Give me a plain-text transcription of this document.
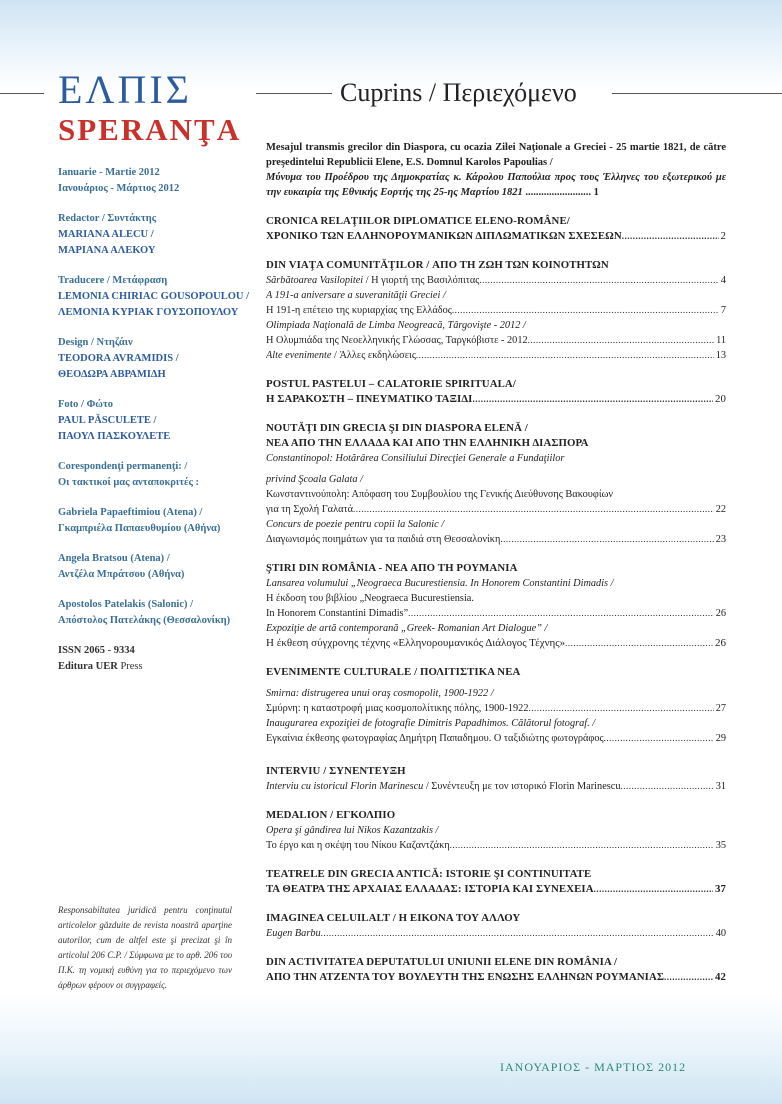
ΕΛΠΙΣ
SPERANŢA
Cuprins / Περιεχόμενο
Ianuarie - Martie 2012
Ιανουάριος - Μάρτιος 2012
Redactor / Συντάκτης
MARIANA ALECU /
ΜΑΡΙΑΝΑ ΑΛΕΚΟΥ
Traducere / Μετάφραση
LEMONIA CHIRIAC GOUSOPOULOU /
ΛΕΜΟΝΙΑ ΚΥΡΙΑΚ ΓΟΥΣΟΠΟΥΛΟΥ
Design / Ντηζάιν
TEODORA AVRAMIDIS /
ΘΕΟΔΩΡΑ ΑΒΡΑΜΙΔΗ
Foto / Φώτο
PAUL PĂSCULETE /
ΠΑΟΥΛ ΠΑΣΚΟΥΛΕΤΕ
Corespondenţi permanenţi: /
Οι τακτικοί μας ανταποκριτές :
Gabriela Papaeftimiou (Atena) /
Γκαμπριέλα Παπαευθυμίου (Αθήνα)
Angela Bratsou (Atena) /
Αντζέλα Μπράτσου (Αθήνα)
Apostolos Patelakis (Salonic) /
Απόστολος Πατελάκης (Θεσσαλονίκη)
ISSN 2065 - 9334
Editura UER Press
Responsabiltatea juridică pentru conţinutul articolelor găzduite de revista noastră aparţine autorilor, cum de altfel este şi precizat şi în articolul 206 C.P. / Σύμφωνα με το αρθ. 206 του Π.Κ. τη νομική ευθύνη για το περιεχόμενο των άρθρων φέρουν οι συγγραφείς.
Mesajul transmis grecilor din Diaspora, cu ocazia Zilei Naţionale a Greciei - 25 martie 1821, de către preşedintelui Republicii Elene, E.S. Domnul Karolos Papoulias /
Μύνυμα του Προέδρου της Δημοκρατίας κ. Κάρολου Παπούλια προς τους Έλληνες του εξωτερικού με την ευκαιρία της Εθνικής Εορτής της 25-ης Μαρτίου 1821 ......................... 1
CRONICA RELAŢIILOR DIPLOMATICE ELENO-ROMÂNE/
ΧΡΟΝΙΚΟ ΤΩΝ ΕΛΛΗΝΟΡΟΥΜΑΝΙΚΩΝ ΔΙΠΛΩΜΑΤΙΚΩΝ ΣΧΕΣΕΩΝ .....	2
DIN VIAŢA COMUNITĂŢILOR / ΑΠΟ ΤΗ ΖΩΗ ΤΩΝ ΚΟΙΝΟΤΗΤΩΝ
Sărbătoarea Vasilopitei / Η γιορτή της Βασιλόπιτας .....	4
A 191-a aniversare a suveranităţii Greciei /
Η 191-η επέτειο της κυριαρχίας της Ελλάδος .....	7
Olimpiada Naţională de Limba Neogreacă, Târgovişte - 2012 /
Η Ολυμπιάδα της Νεοελληνικής Γλώσσας, Ταργκόβιστε - 2012 .....	11
Alte evenimente / Άλλες εκδηλώσεις .....	13
POSTUL PASTELUI – CALATORIE SPIRITUALA/
Η ΣΑΡΑΚΟΣΤΗ – ΠΝΕΥΜΑΤΙΚΟ ΤΑΞΙΔΙ .....	20
NOUTĂŢI DIN GRECIA ŞI DIN DIASPORA ELENĂ /
ΝΕΑ ΑΠΟ ΤΗΝ ΕΛΛΑΔΑ ΚΑΙ ΑΠΟ ΤΗΝ ΕΛΛΗΝΙΚΗ ΔΙΑΣΠΟΡΑ
Constantinopol: Hotărârea Consiliului Direcţiei Generale a Fundaţiilor
privind Şcoala Galata /
Κωνσταντινούπολη: Απόφαση του Συμβουλίου της Γενικής Διεύθυνσης Βακουφίων
για τη Σχολή Γαλατά .....	22
Concurs de poezie pentru copii la Salonic /
Διαγωνισμός ποιημάτων για τα παιδιά στη Θεσσαλονίκη .....	23
ŞTIRI DIN ROMÂNIA - NEA ΑΠΟ ΤΗ ΡΟΥΜΑΝΙΑ
Lansarea volumului „Neograeca Bucurestiensia. In Honorem Constantini Dimadis /
Η έκδοση του βιβλίου „Neograeca Bucurestiensia.
In Honorem Constantini Dimadis” .....	26
Expoziţie de artă contemporană „Greek- Romanian Art Dialogue” /
Η έκθεση σύγχρονης τέχνης «Ελληνορουμανικός Διάλογος Τέχνης» .....	26
EVENIMENTE CULTURALE / ΠΟΛΙΤΙΣΤΙΚΑ ΝΕΑ
Smirna: distrugerea unui oraş cosmopolit, 1900-1922 /
Σμύρνη: η καταστροφή μιας κοσμοπολίτικης πόλης, 1900-1922 .....	27
Inaugurarea expoziţiei de fotografie Dimitris Papadhimos. Călătorul fotograf. /
Εγκαίνια έκθεσης φωτογραφίας Δημήτρη Παπαδημου. Ο ταξιδιώτης φωτογράφος .....	29
INTERVIU / ΣΥΝΕΝΤΕΥΞΗ
Interviu cu istoricul Florin Marinescu / Συνέντευξη με τον ιστορικό Florin Marinescu .....	31
MEDALION / ΕΓΚΟΛΠΙΟ
Opera şi gândirea lui Nikos Kazantzakis /
Το έργο και η σκέψη του Νίκου Καζαντζάκη .....	35
TEATRELE DIN GRECIA ANTICĂ: ISTORIE ŞI CONTINUITATE
ΤΑ ΘΕΑΤΡΑ ΤΗΣ ΑΡΧΑΙΑΣ ΕΛΛΑΔΑΣ: ΙΣΤΟΡΙΑ ΚΑΙ ΣΥΝΕΧΕΙΑ .....	37
IMAGINEA CELUILALT / Η ΕΙΚΟΝΑ ΤΟΥ ΑΛΛΟΥ
Eugen Barbu .....	40
DIN ACTIVITATEA DEPUTATULUI UNIUNII ELENE DIN ROMÂNIA /
ΑΠΟ ΤΗΝ ΑΤΖΕΝΤΑ ΤΟΥ ΒΟΥΛΕΥΤΗ ΤΗΣ ΕΝΩΣΗΣ ΕΛΛΗΝΩΝ ΡΟΥΜΑΝΙΑΣ .....	42
ΙΑΝΟΥΑΡΙΟΣ - ΜΑΡΤΙΟΣ 2012
